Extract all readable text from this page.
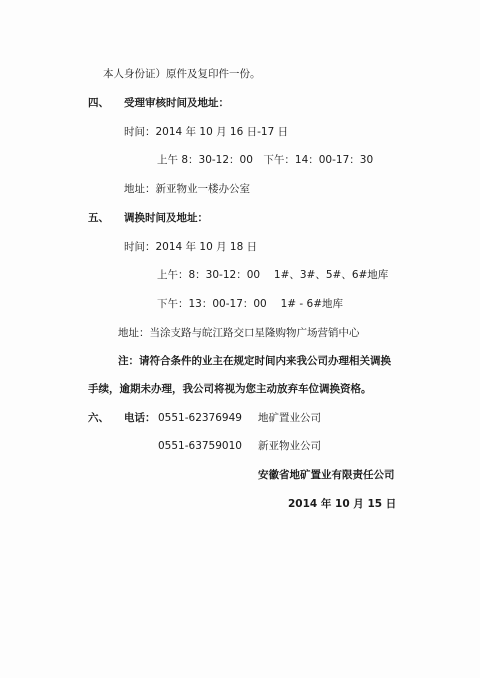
本人身份证）原件及复印件一份。
四、 受理审核时间及地址：
时间：2014 年 10 月 16 日-17 日
上午 8：30-12：00　下午：14：00-17：30
地址：新亚物业一楼办公室
五、 调换时间及地址：
时间：2014 年 10 月 18 日
上午：8：30-12：00　 1#、3#、5#、6#地库
下午：13：00-17：00　 1# - 6#地库
地址：当涂支路与皖江路交口星隆购物广场营销中心
注：请符合条件的业主在规定时间内来我公司办理相关调换
手续，逾期未办理，我公司将视为您主动放弃车位调换资格。
六、 电话： 0551-62376949 地矿置业公司
0551-63759010 新亚物业公司
安徽省地矿置业有限责任公司
2014 年 10 月 15 日
